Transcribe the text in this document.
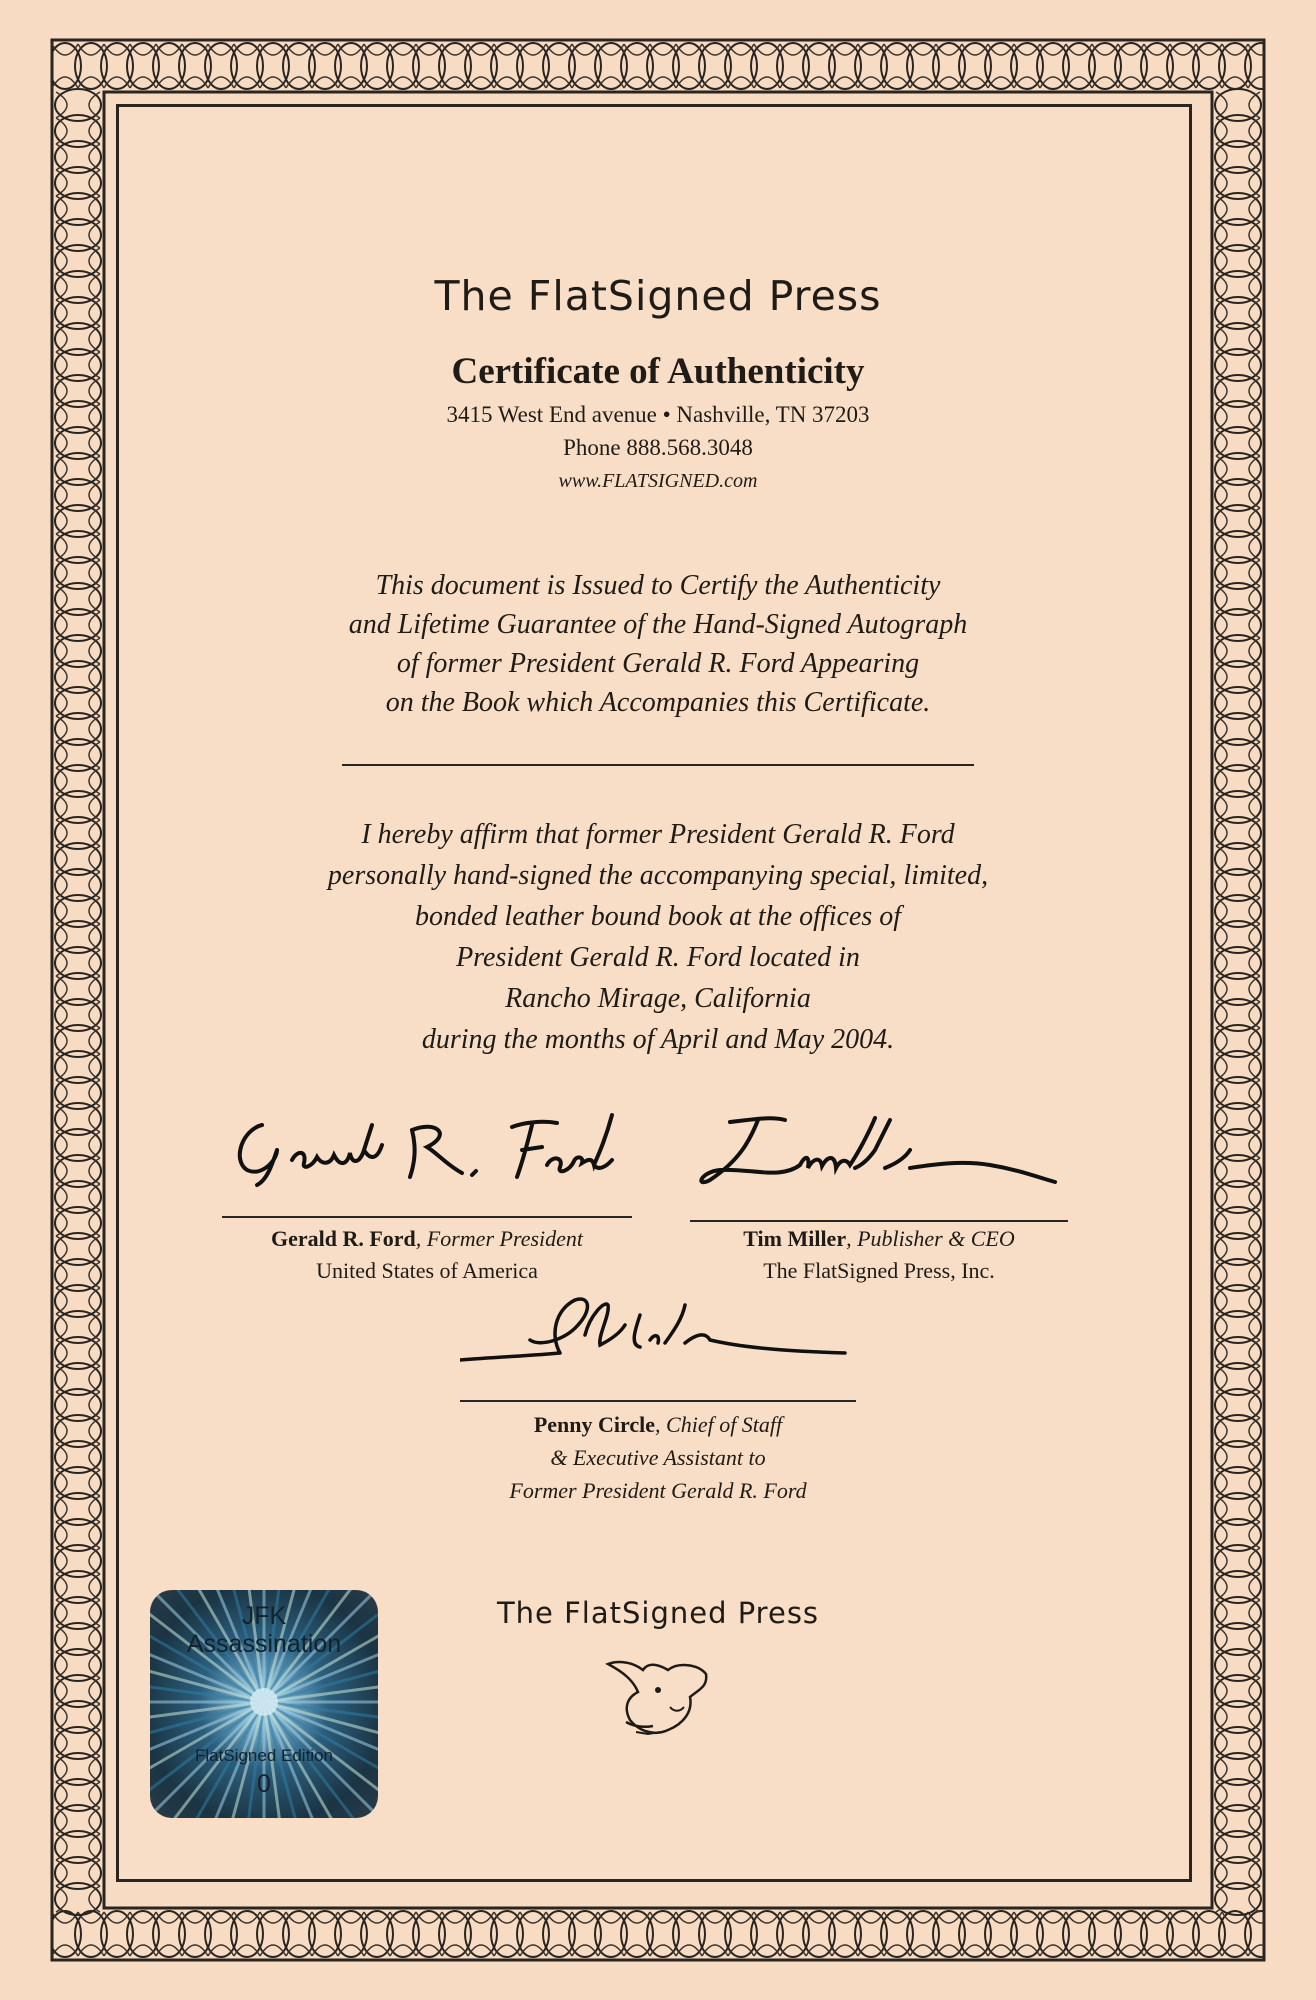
The FlatSigned Press
Certificate of Authenticity
3415 West End avenue • Nashville, TN 37203
Phone 888.568.3048
www.FLATSIGNED.com
This document is Issued to Certify the Authenticity
and Lifetime Guarantee of the Hand-Signed Autograph
of former President Gerald R. Ford Appearing
on the Book which Accompanies this Certificate.
I hereby affirm that former President Gerald R. Ford
personally hand-signed the accompanying special, limited,
bonded leather bound book at the offices of
President Gerald R. Ford located in
Rancho Mirage, California
during the months of April and May 2004.
Gerald R. Ford, Former President
United States of America
Tim Miller, Publisher & CEO
The FlatSigned Press, Inc.
Penny Circle, Chief of Staff
& Executive Assistant to
Former President Gerald R. Ford
The FlatSigned Press
JFK
Assassination
FlatSigned Edition
0
